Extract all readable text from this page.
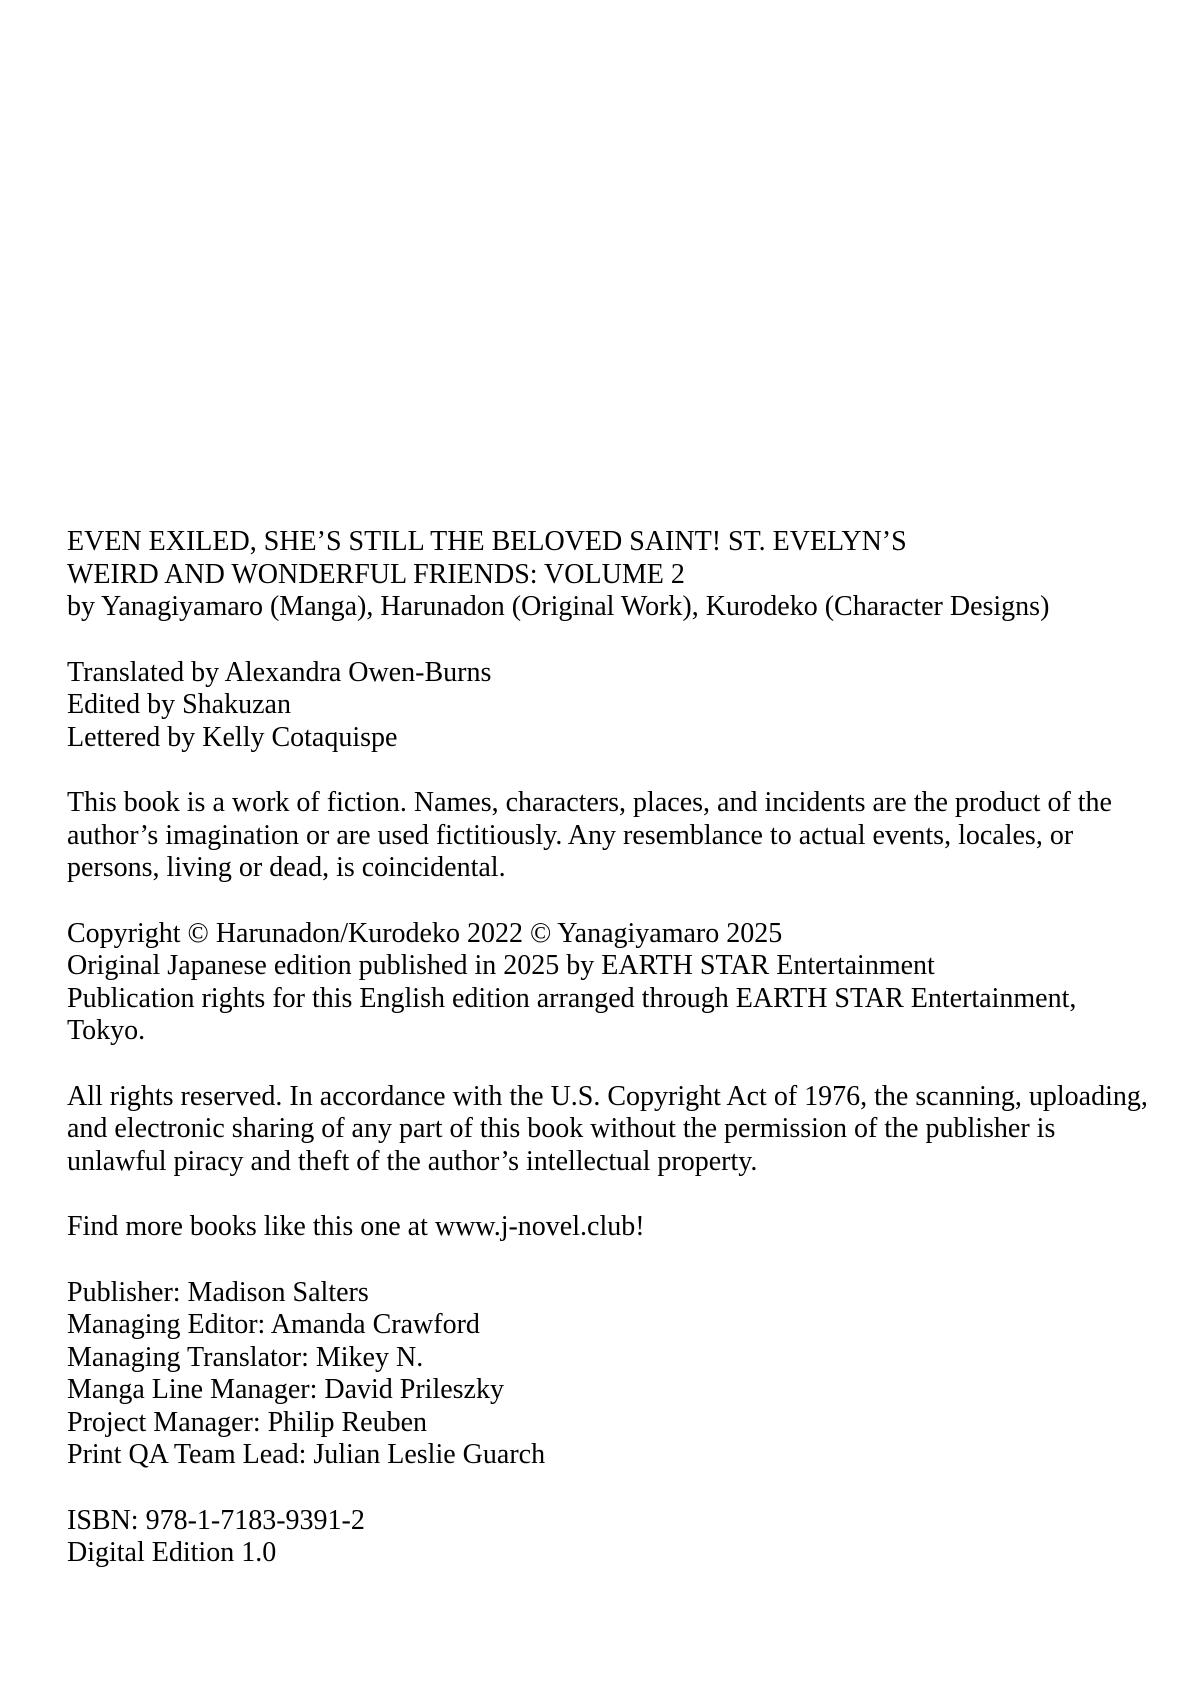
EVEN EXILED, SHE’S STILL THE BELOVED SAINT! ST. EVELYN’S WEIRD AND WONDERFUL FRIENDS: VOLUME 2
by Yanagiyamaro (Manga), Harunadon (Original Work), Kurodeko (Character Designs)
Translated by Alexandra Owen-Burns
Edited by Shakuzan
Lettered by Kelly Cotaquispe

This book is a work of fiction. Names, characters, places, and incidents are the product of the author’s imagination or are used fictitiously. Any resemblance to actual events, locales, or persons, living or dead, is coincidental.

Copyright © Harunadon/Kurodeko 2022 © Yanagiyamaro 2025
Original Japanese edition published in 2025 by EARTH STAR Entertainment
Publication rights for this English edition arranged through EARTH STAR Entertainment, Tokyo.

All rights reserved. In accordance with the U.S. Copyright Act of 1976, the scanning, uploading, and electronic sharing of any part of this book without the permission of the publisher is unlawful piracy and theft of the author’s intellectual property.

Find more books like this one at www.j-novel.club!

Publisher: Madison Salters
Managing Editor: Amanda Crawford
Managing Translator: Mikey N.
Manga Line Manager: David Prileszky
Project Manager: Philip Reuben
Print QA Team Lead: Julian Leslie Guarch
ISBN: 978-1-7183-9391-2
Digital Edition 1.0
